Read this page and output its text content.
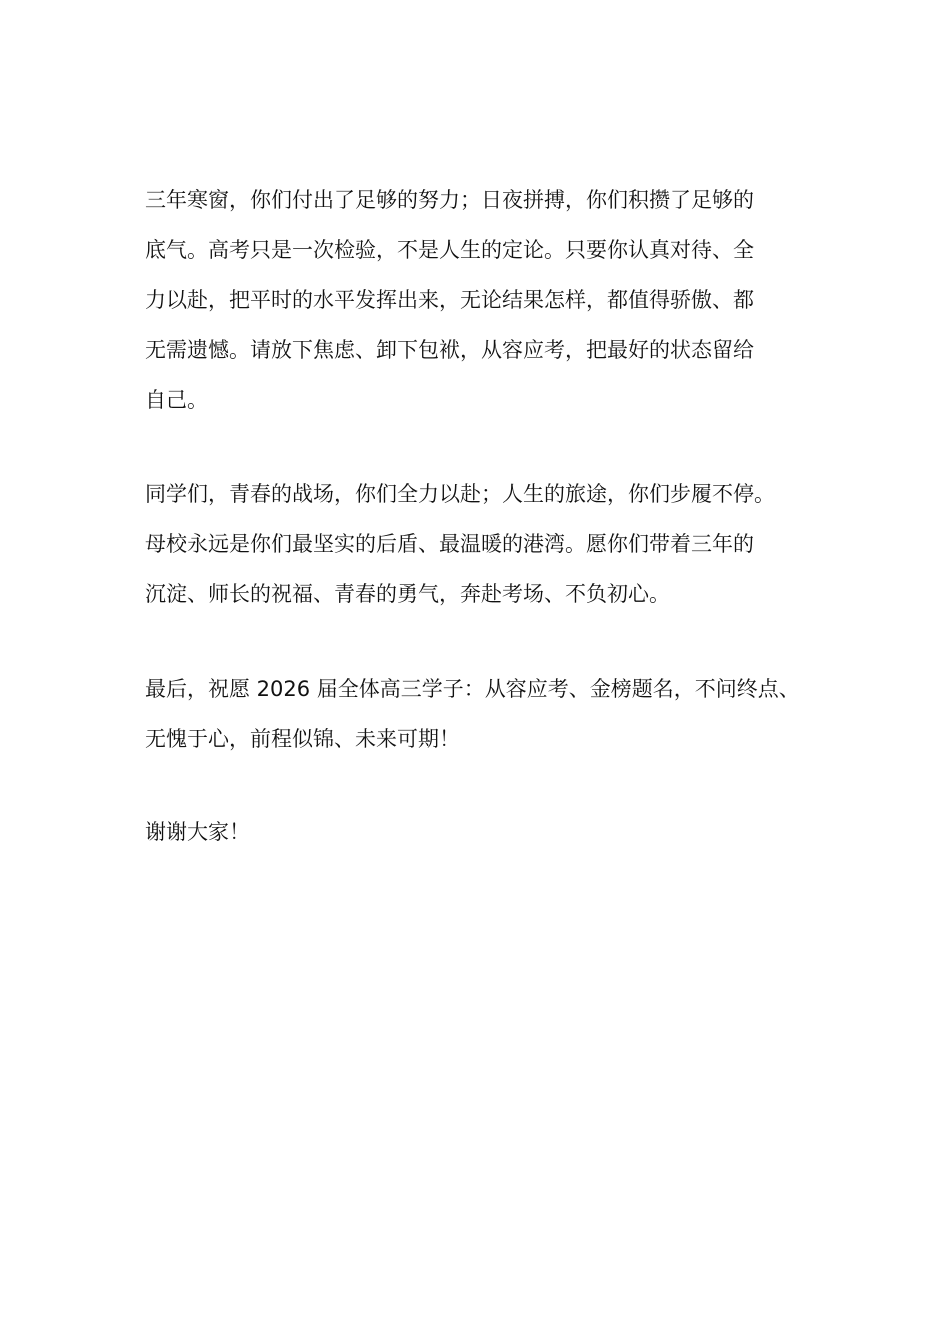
三年寒窗，你们付出了足够的努力；日夜拼搏，你们积攒了足够的
底气。高考只是一次检验，不是人生的定论。只要你认真对待、全
力以赴，把平时的水平发挥出来，无论结果怎样，都值得骄傲、都
无需遗憾。请放下焦虑、卸下包袱，从容应考，把最好的状态留给
自己。
同学们，青春的战场，你们全力以赴；人生的旅途，你们步履不停。
母校永远是你们最坚实的后盾、最温暖的港湾。愿你们带着三年的
沉淀、师长的祝福、青春的勇气，奔赴考场、不负初心。
最后，祝愿 2026 届全体高三学子：从容应考、金榜题名，不问终点、
无愧于心，前程似锦、未来可期！
谢谢大家！
